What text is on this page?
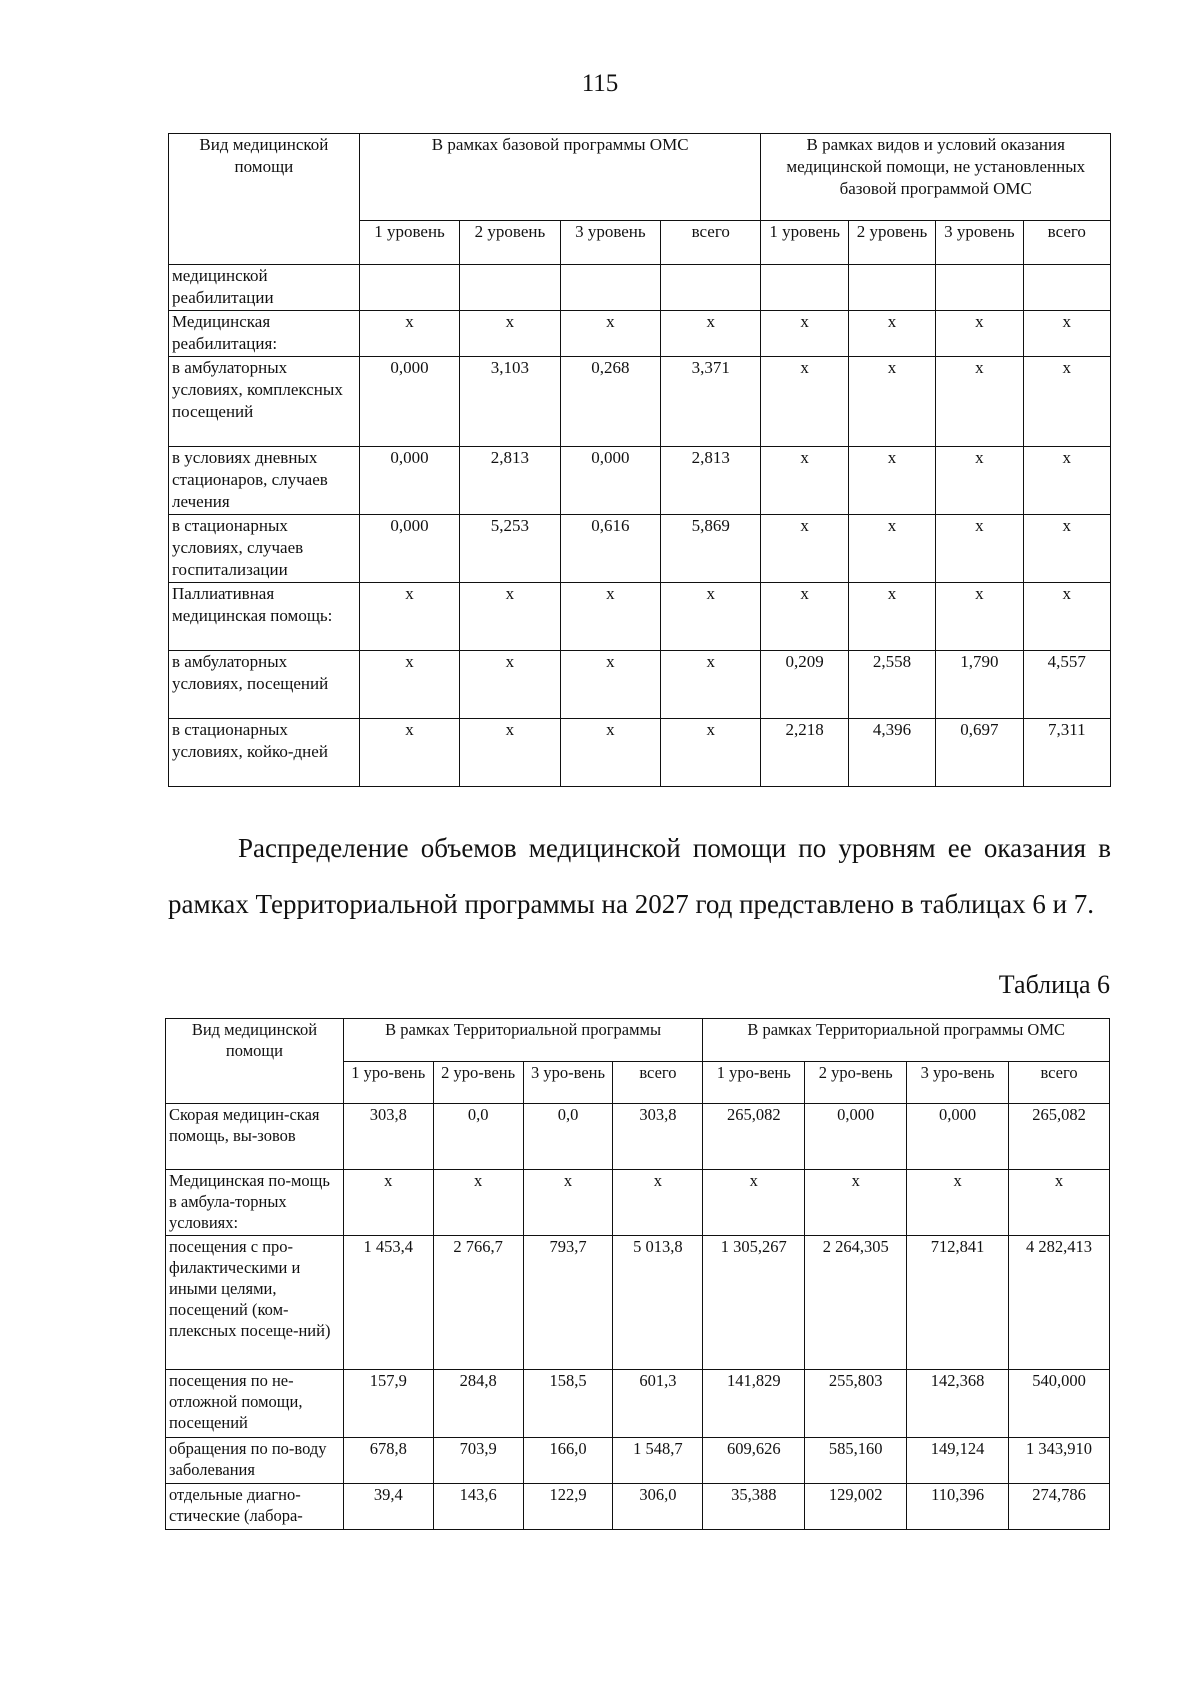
115
Вид медицинской помощи	В рамках базовой программы ОМС				В рамках видов и условий оказания медицинской помощи, не установленных базовой программой ОМС			
	1 уровень	2 уровень	3 уровень	всего	1 уровень	2 уровень	3 уровень	всего
медицинской реабилитации								
Медицинская реабилитация:	x	x	x	x	x	x	x	x
в амбулаторных условиях, комплексных посещений	0,000	3,103	0,268	3,371	x	x	x	x
в условиях дневных стационаров, случаев лечения	0,000	2,813	0,000	2,813	x	x	x	x
в стационарных условиях, случаев госпитализации	0,000	5,253	0,616	5,869	x	x	x	x
Паллиативная медицинская помощь:	x	x	x	x	x	x	x	x
в амбулаторных условиях, посещений	x	x	x	x	0,209	2,558	1,790	4,557
в стационарных условиях, койко-дней	x	x	x	x	2,218	4,396	0,697	7,311

Распределение объемов медицинской помощи по уровням ее оказания в рамках Территориальной программы на 2027 год представлено в таблицах 6 и 7.

Таблица 6
Вид медицинской помощи	В рамках Территориальной программы				В рамках Территориальной программы ОМС			
	1 уро-вень	2 уро-вень	3 уро-вень	всего	1 уро-вень	2 уро-вень	3 уро-вень	всего
Скорая медицин-ская помощь, вы-зовов	303,8	0,0	0,0	303,8	265,082	0,000	0,000	265,082
Медицинская по-мощь в амбула-торных условиях:	x	x	x	x	x	x	x	x
посещения с про-филактическими и иными целями, посещений (ком-плексных посеще-ний)	1 453,4	2 766,7	793,7	5 013,8	1 305,267	2 264,305	712,841	4 282,413
посещения по не-отложной помощи, посещений	157,9	284,8	158,5	601,3	141,829	255,803	142,368	540,000
обращения по по-воду заболевания	678,8	703,9	166,0	1 548,7	609,626	585,160	149,124	1 343,910
отдельные диагно-стические (лабора-	39,4	143,6	122,9	306,0	35,388	129,002	110,396	274,786
